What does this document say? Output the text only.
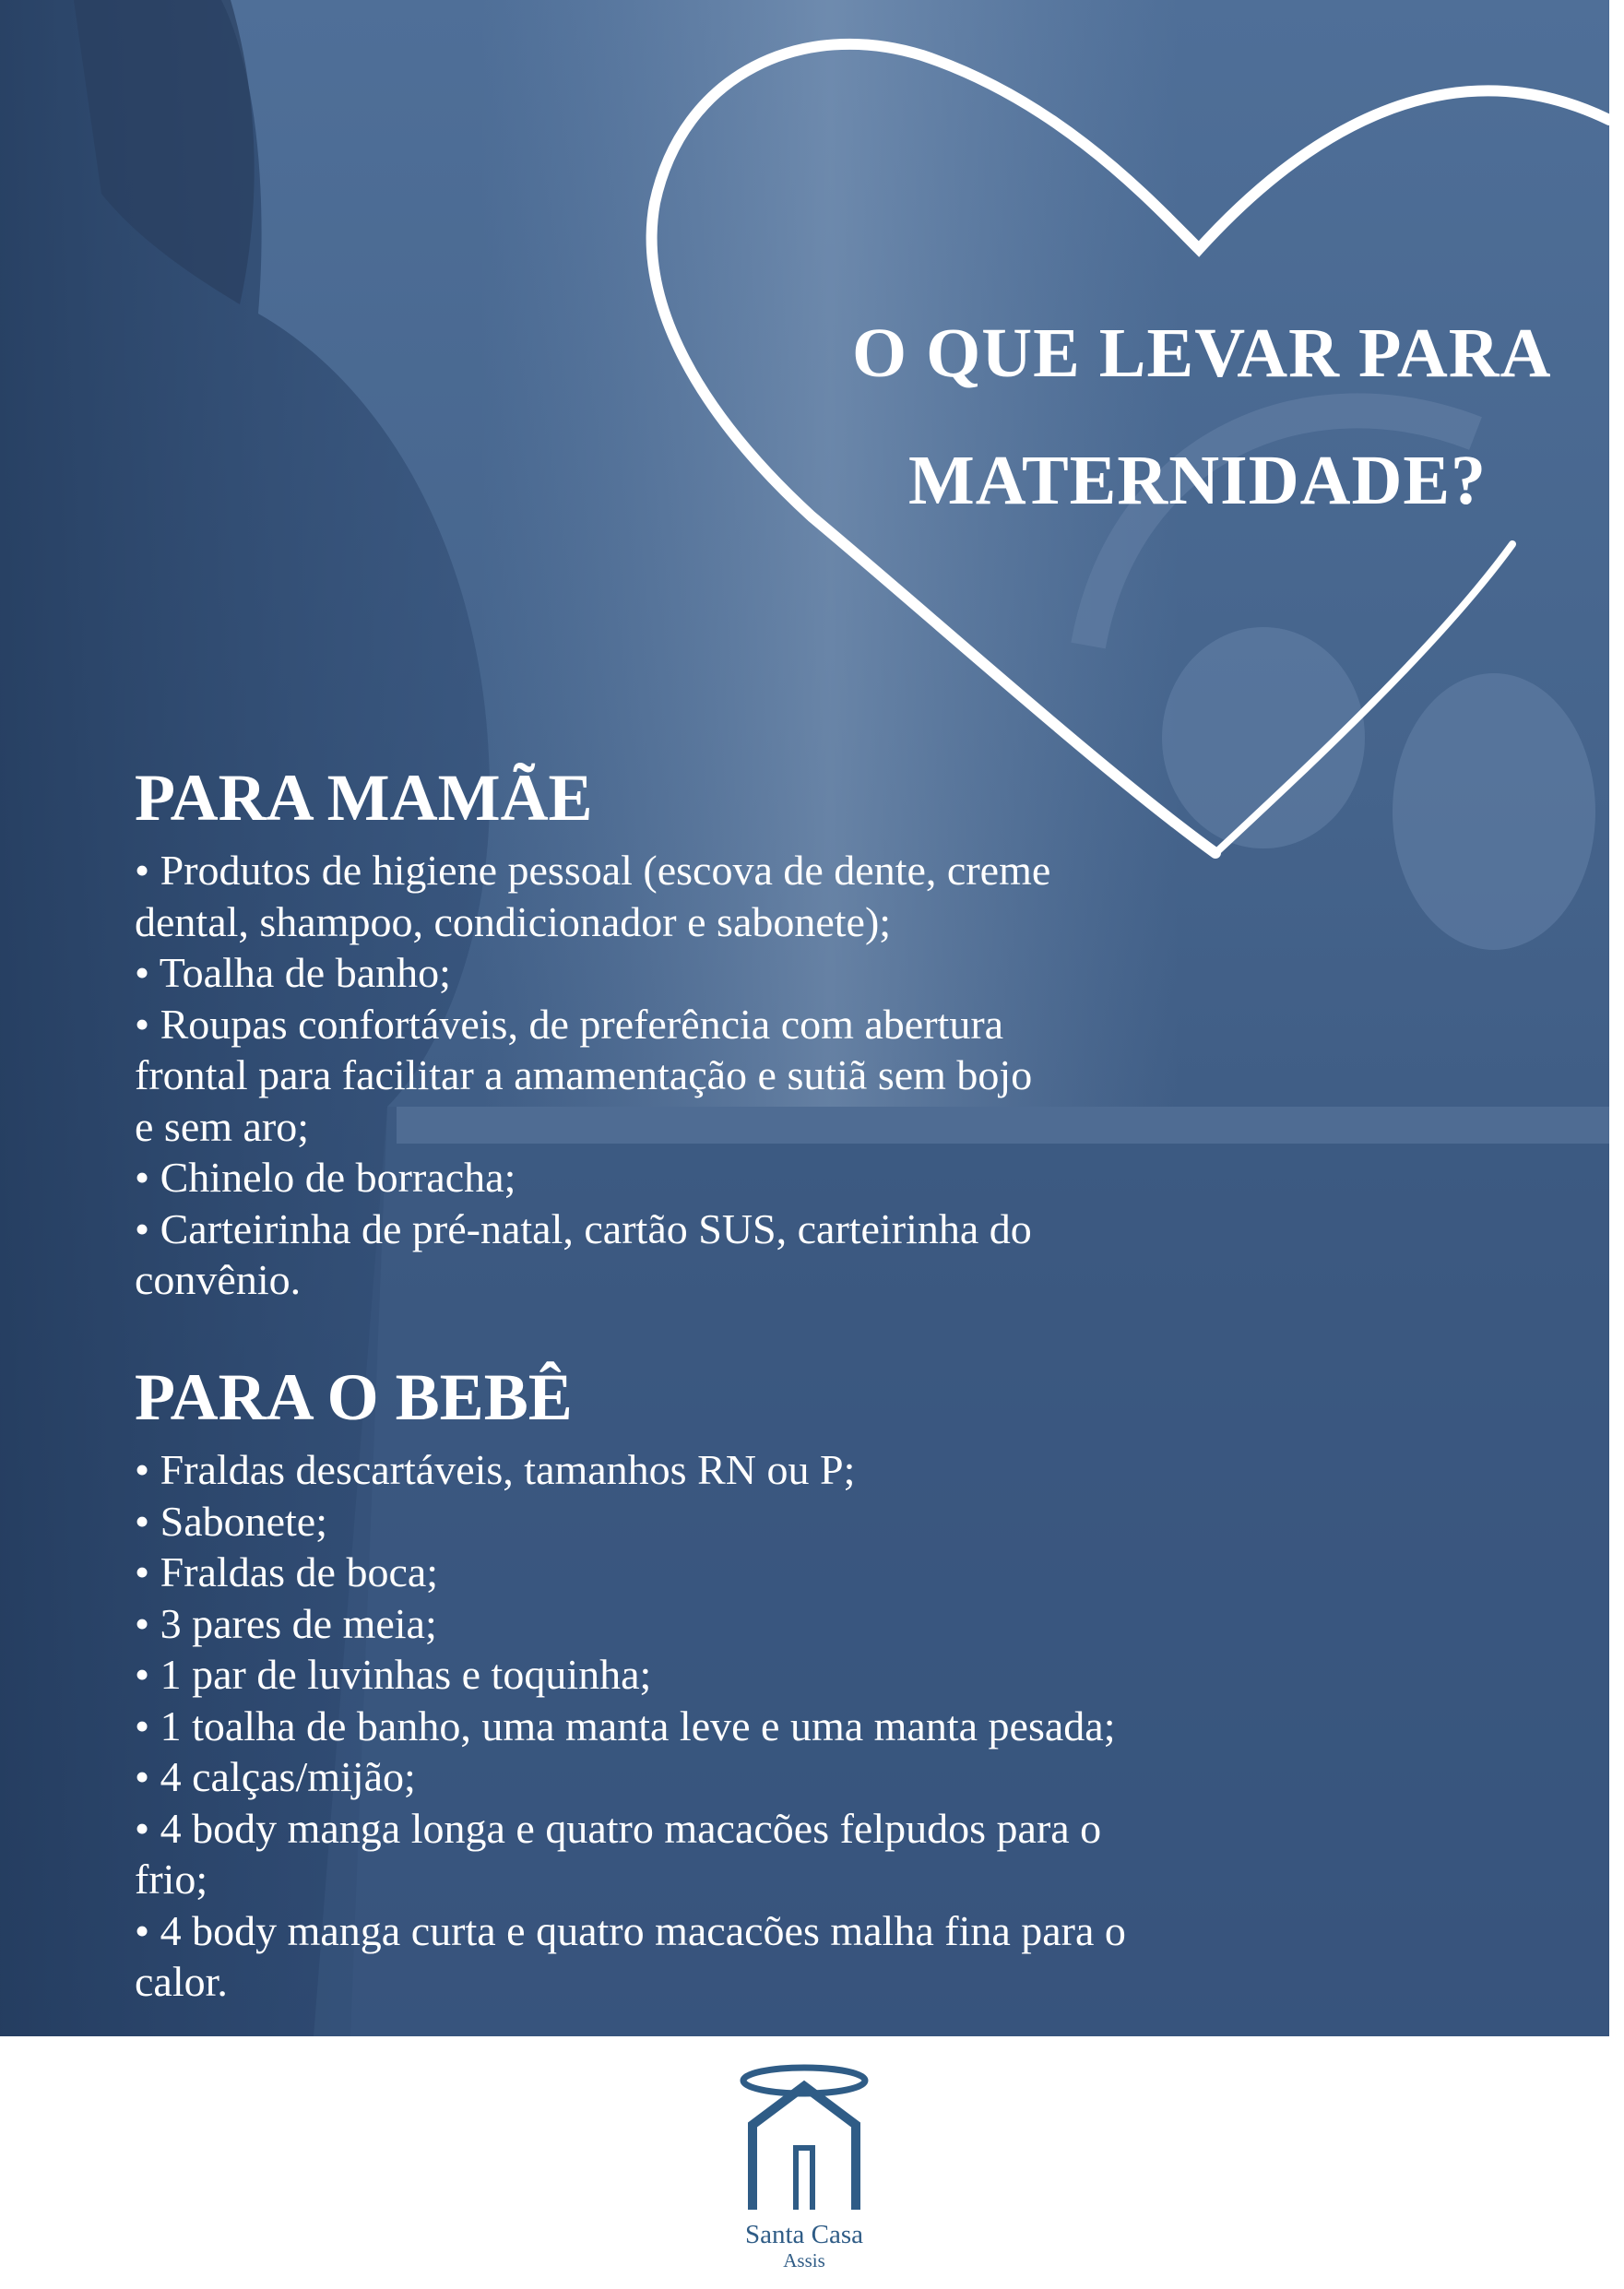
O QUE LEVAR PARA
MATERNIDADE?
PARA MAMÃE
• Produtos de higiene pessoal (escova de dente, creme
dental, shampoo, condicionador e sabonete);
• Toalha de banho;
• Roupas confortáveis, de preferência com abertura
frontal para facilitar a amamentação e sutiã sem bojo
e sem aro;
• Chinelo de borracha;
• Carteirinha de pré-natal, cartão SUS, carteirinha do
convênio.
PARA O BEBÊ
• Fraldas descartáveis, tamanhos RN ou P;
• Sabonete;
• Fraldas de boca;
• 3 pares de meia;
• 1 par de luvinhas e toquinha;
• 1 toalha de banho, uma manta leve e uma manta pesada;
• 4 calças/mijão;
• 4 body manga longa e quatro macacões felpudos para o
frio;
• 4 body manga curta e quatro macacões malha fina para o
calor.
Santa Casa
Assis
